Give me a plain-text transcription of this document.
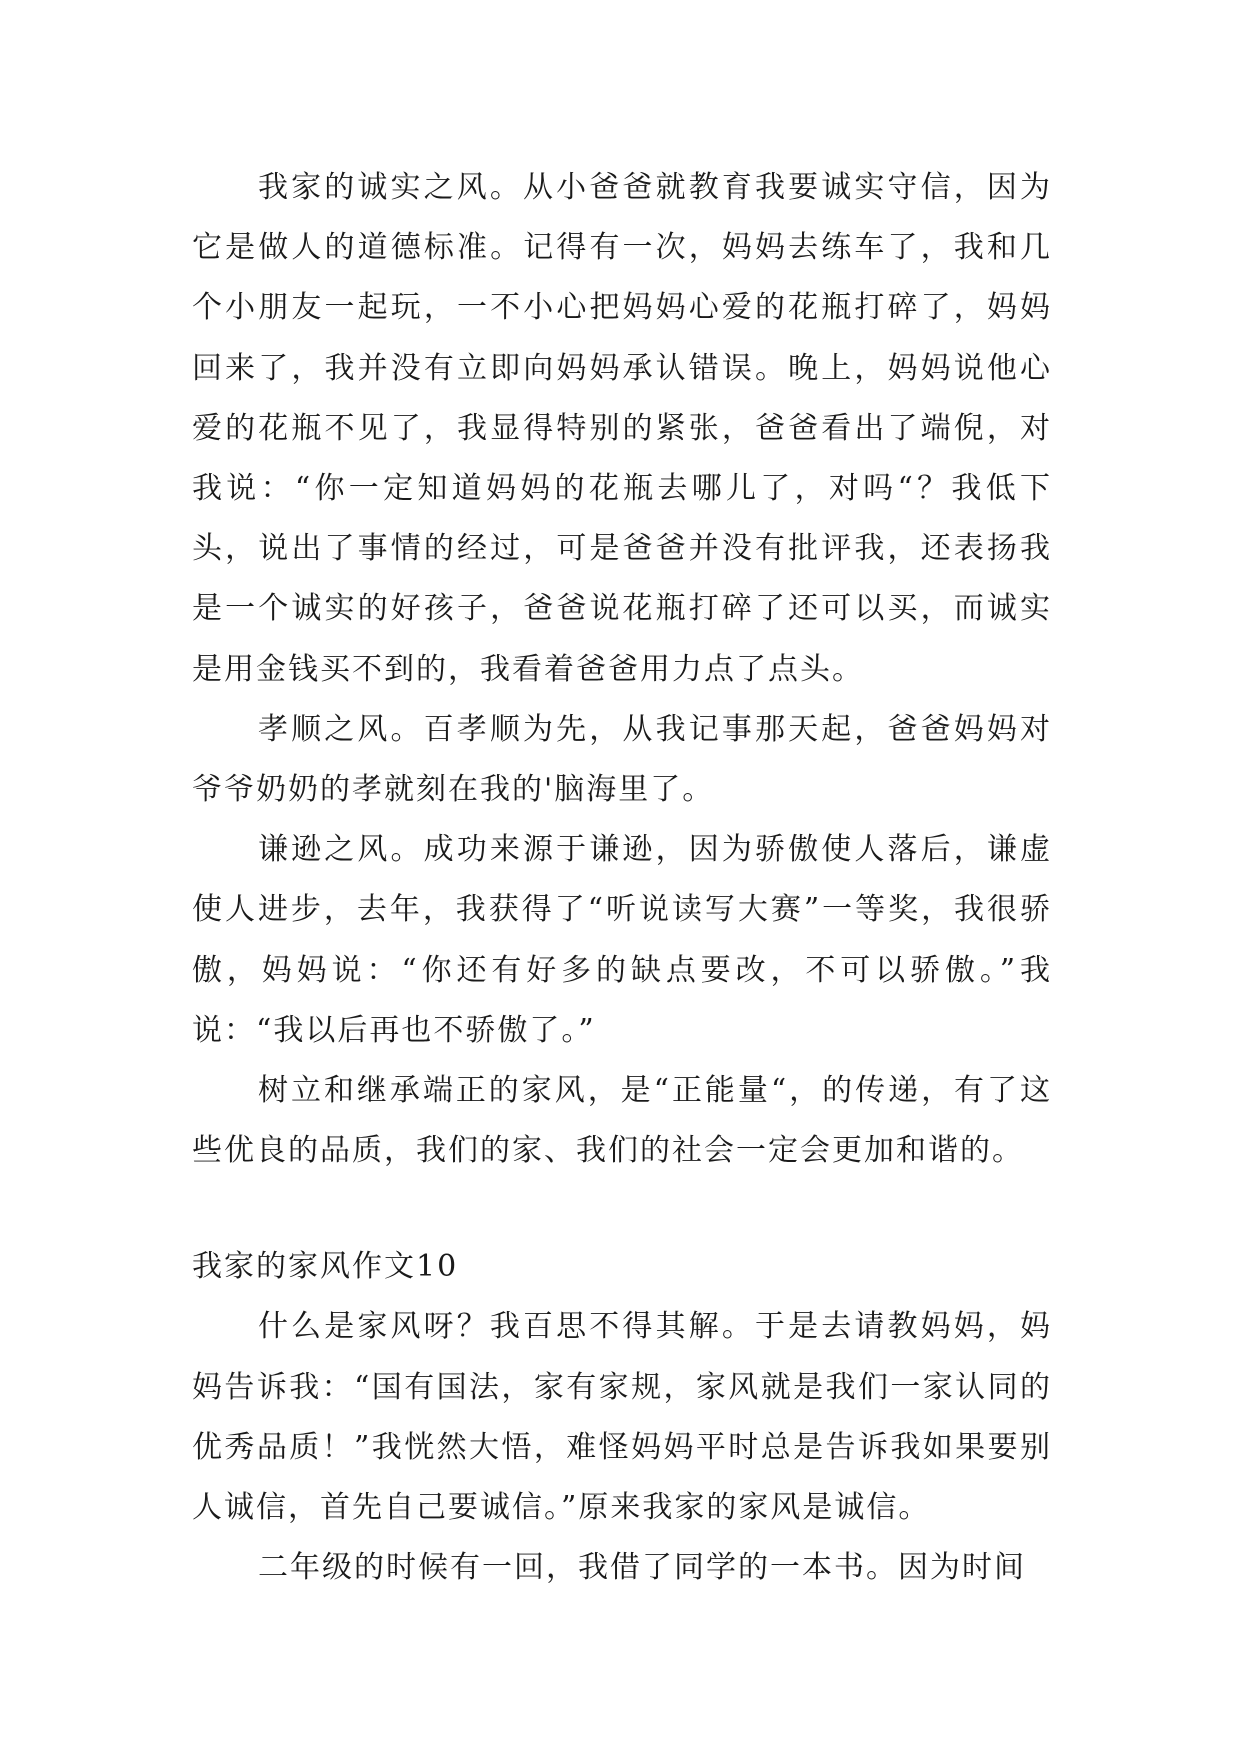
我家的诚实之风。从小爸爸就教育我要诚实守信，因为它是做人的道德标准。记得有一次，妈妈去练车了，我和几个小朋友一起玩，一不小心把妈妈心爱的花瓶打碎了，妈妈回来了，我并没有立即向妈妈承认错误。晚上，妈妈说他心爱的花瓶不见了，我显得特别的紧张，爸爸看出了端倪，对我说：“你一定知道妈妈的花瓶去哪儿了，对吗“？我低下头，说出了事情的经过，可是爸爸并没有批评我，还表扬我是一个诚实的好孩子，爸爸说花瓶打碎了还可以买，而诚实是用金钱买不到的，我看着爸爸用力点了点头。

孝顺之风。百孝顺为先，从我记事那天起，爸爸妈妈对爷爷奶奶的孝就刻在我的'脑海里了。

谦逊之风。成功来源于谦逊，因为骄傲使人落后，谦虚使人进步，去年，我获得了“听说读写大赛”一等奖，我很骄傲，妈妈说：“你还有好多的缺点要改，不可以骄傲。”我说：“我以后再也不骄傲了。”

树立和继承端正的家风，是“正能量“，的传递，有了这些优良的品质，我们的家、我们的社会一定会更加和谐的。

我家的家风作文10

什么是家风呀？我百思不得其解。于是去请教妈妈，妈妈告诉我：“国有国法，家有家规，家风就是我们一家认同的优秀品质！”我恍然大悟，难怪妈妈平时总是告诉我如果要别人诚信，首先自己要诚信。”原来我家的家风是诚信。

二年级的时候有一回，我借了同学的一本书。因为时间
